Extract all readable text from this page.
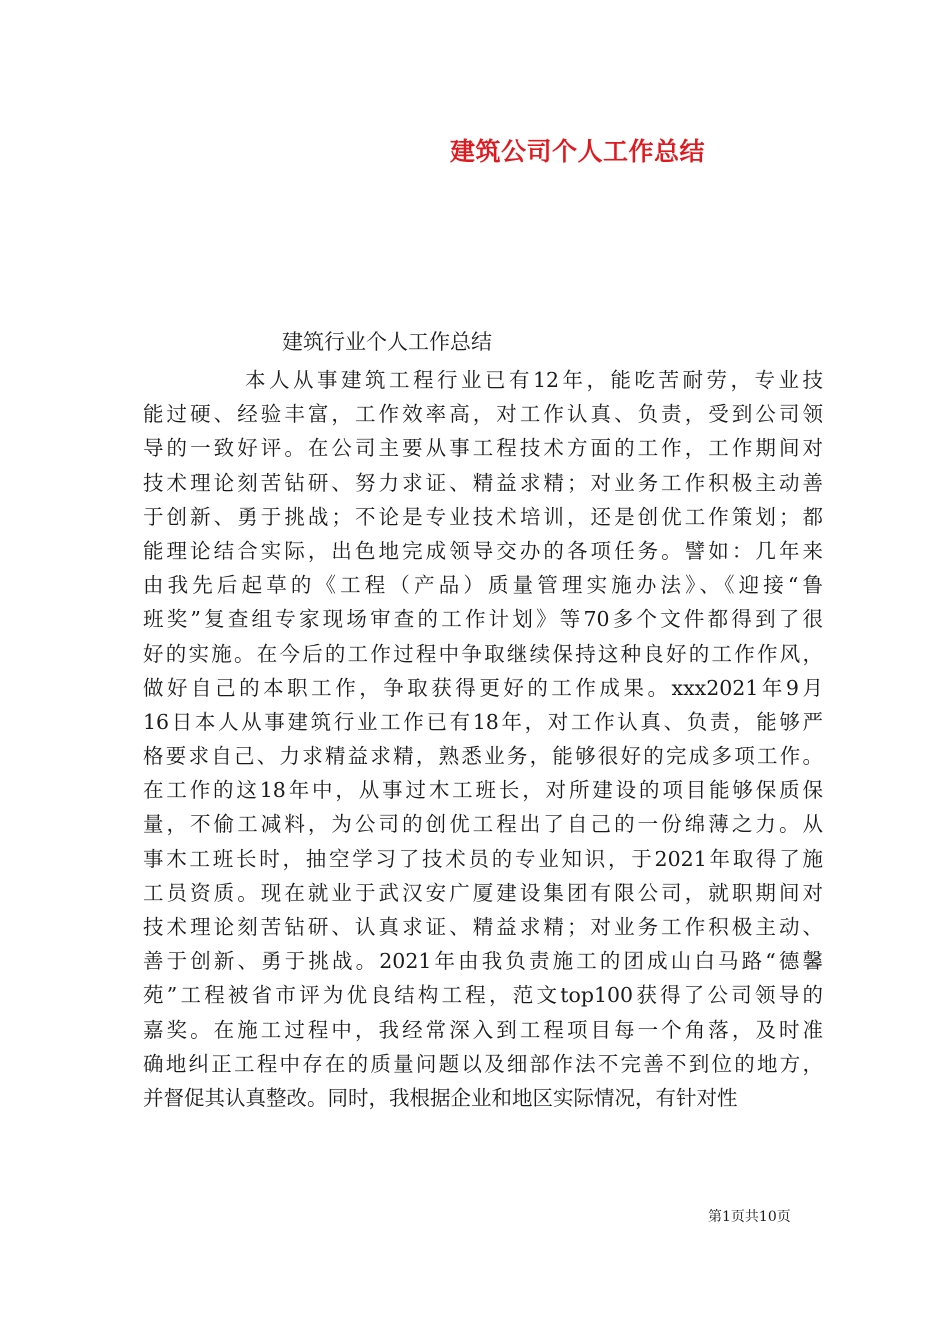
建筑公司个人工作总结
建筑行业个人工作总结
本人从事建筑工程行业已有12年，能吃苦耐劳，专业技
能过硬、经验丰富，工作效率高，对工作认真、负责，受到公司领
导的一致好评。在公司主要从事工程技术方面的工作，工作期间对
技术理论刻苦钻研、努力求证、精益求精；对业务工作积极主动善
于创新、勇于挑战；不论是专业技术培训，还是创优工作策划；都
能理论结合实际，出色地完成领导交办的各项任务。譬如：几年来
由我先后起草的《工程（产品）质量管理实施办法》、《迎接“鲁
班奖”复查组专家现场审查的工作计划》等70多个文件都得到了很
好的实施。在今后的工作过程中争取继续保持这种良好的工作作风，
做好自己的本职工作，争取获得更好的工作成果。xxx2021年9月
16日本人从事建筑行业工作已有18年，对工作认真、负责，能够严
格要求自己、力求精益求精，熟悉业务，能够很好的完成多项工作。
在工作的这18年中，从事过木工班长，对所建设的项目能够保质保
量，不偷工减料，为公司的创优工程出了自己的一份绵薄之力。从
事木工班长时，抽空学习了技术员的专业知识，于2021年取得了施
工员资质。现在就业于武汉安广厦建设集团有限公司，就职期间对
技术理论刻苦钻研、认真求证、精益求精；对业务工作积极主动、
善于创新、勇于挑战。2021年由我负责施工的团成山白马路“德馨
苑”工程被省市评为优良结构工程，范文top100获得了公司领导的
嘉奖。在施工过程中，我经常深入到工程项目每一个角落，及时准
确地纠正工程中存在的质量问题以及细部作法不完善不到位的地方，
并督促其认真整改。同时，我根据企业和地区实际情况，有针对性
第1页共10页
